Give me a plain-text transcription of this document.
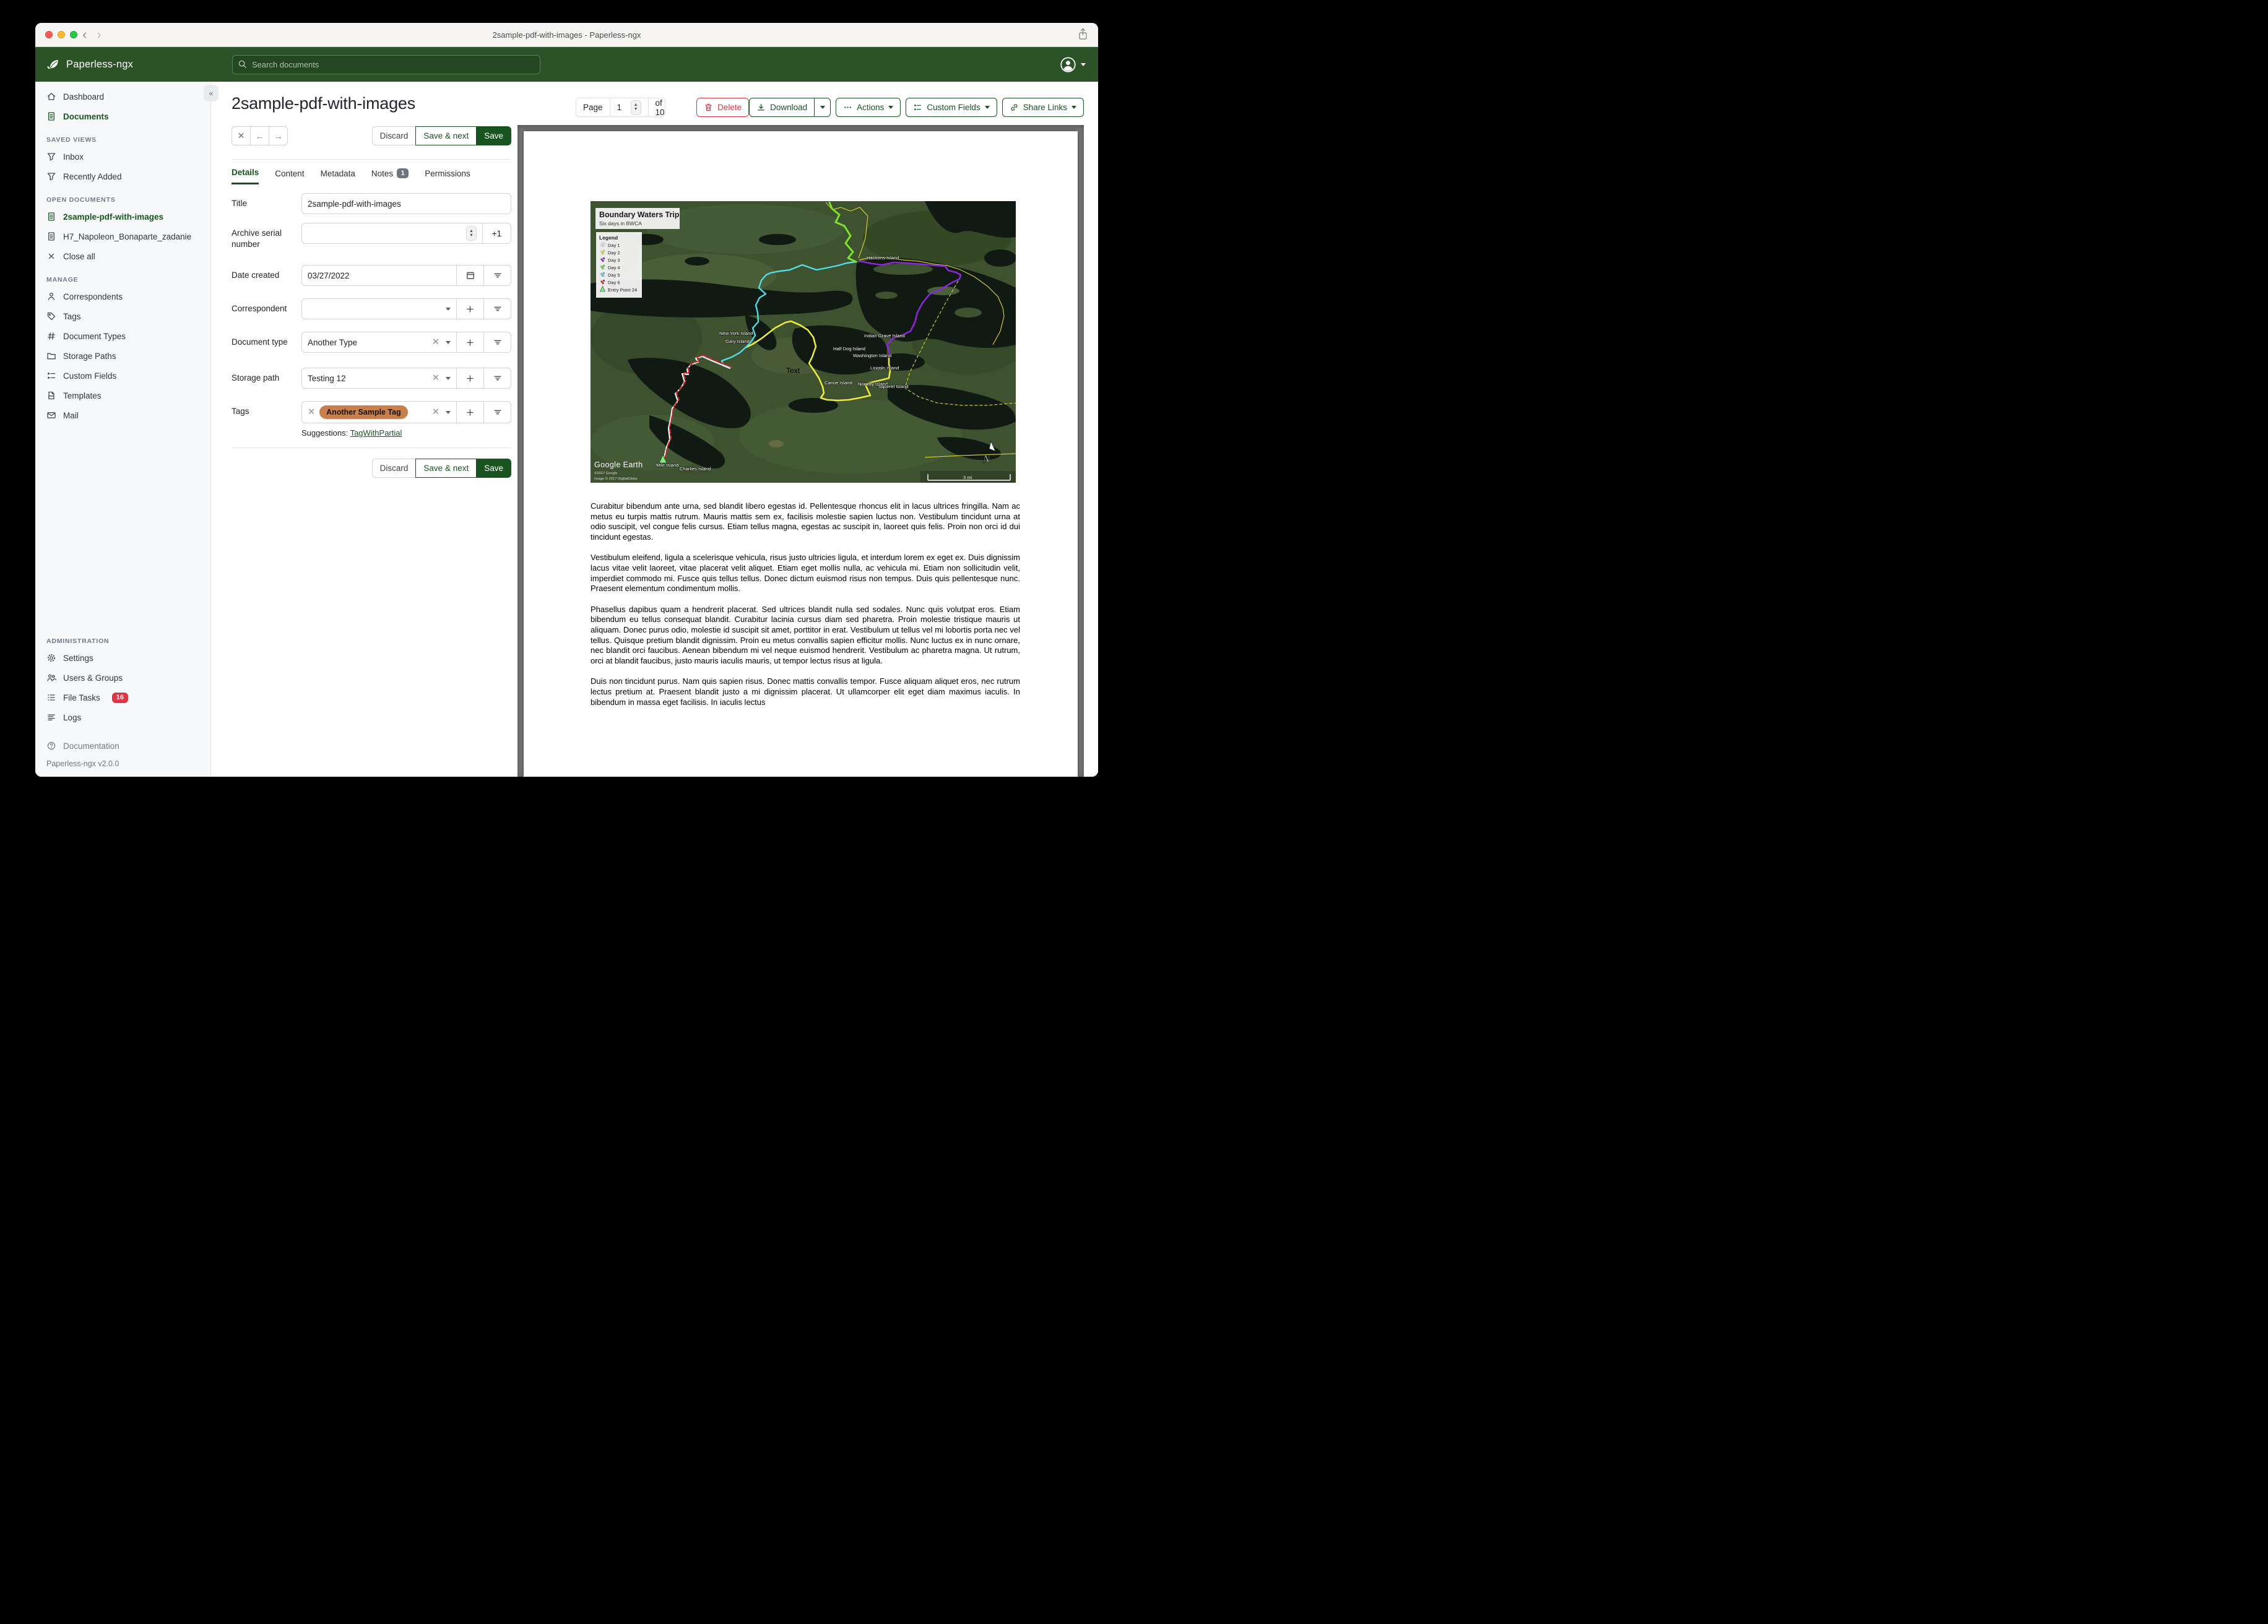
‹ ›	2sample-pdf-with-images - Paperless-ngx
Paperless-ngx
Search documents
Dashboard
Documents
SAVED VIEWS
Inbox
Recently Added
OPEN DOCUMENTS
2sample-pdf-with-images
H7_Napoleon_Bonaparte_zadanie
Close all
MANAGE
Correspondents
Tags
Document Types
Storage Paths
Custom Fields
Templates
Mail
ADMINISTRATION
Settings
Users & Groups
File Tasks	16
Logs
Documentation
Paperless-ngx v2.0.0
«
2sample-pdf-with-images
✕	←	→	Discard	Save & next	Save
Details Content Metadata Notes	1	Permissions
Title
2sample-pdf-with-images
Archive serial number
▲
▼	+1
Date created
03/27/2022
Correspondent
Document type	Another Type	✕
Storage path	Testing 12	✕
Tags	✕	Another Sample Tag	✕
Suggestions: TagWithPartial
Discard	Save & next	Save
Page
1	▲
▼
of 10	Delete	Download	Actions	Custom Fields	Share Links
Boundary Waters Trip
Six days in BWCA
Legend
Day 1
Day 2
Day 3
Day 4
Day 5
Day 6
Entry Point 24
Hausons Island
New York Island
Gary Island
Indian Grave Island
Half Dog Island
Washington Island
Lincoln Island
Canoe Island Norway Island
Squirrel Island
Mile Island
Charlies Island
Text
Google Earth
©2017 Google
Image © 2017 DigitalGlobe	3 mi
N

Curabitur bibendum ante urna, sed blandit libero egestas id. Pellentesque rhoncus elit in lacus ultrices fringilla. Nam ac metus eu turpis mattis rutrum. Mauris mattis sem ex, facilisis molestie sapien luctus non. Vestibulum tincidunt urna at odio suscipit, vel congue felis cursus. Etiam tellus magna, egestas ac suscipit in, laoreet quis felis. Proin non orci id dui tincidunt egestas.

Vestibulum eleifend, ligula a scelerisque vehicula, risus justo ultricies ligula, et interdum lorem ex eget ex. Duis dignissim lacus vitae velit laoreet, vitae placerat velit aliquet. Etiam eget mollis nulla, ac vehicula mi. Etiam non sollicitudin velit, imperdiet commodo mi. Fusce quis tellus tellus. Donec dictum euismod risus non tempus. Duis quis pellentesque nunc. Praesent elementum condimentum mollis.

Phasellus dapibus quam a hendrerit placerat. Sed ultrices blandit nulla sed sodales. Nunc quis volutpat eros. Etiam bibendum eu tellus consequat blandit. Curabitur lacinia cursus diam sed pharetra. Proin molestie tristique mauris ut aliquam. Donec purus odio, molestie id suscipit sit amet, porttitor in erat. Vestibulum ut tellus vel mi lobortis porta nec vel tellus. Quisque pretium blandit dignissim. Proin eu metus convallis sapien efficitur mollis. Nunc luctus ex in nunc ornare, nec blandit orci faucibus. Aenean bibendum mi vel neque euismod hendrerit. Vestibulum ac pharetra magna. Ut rutrum, orci at blandit faucibus, justo mauris iaculis mauris, ut tempor lectus risus at ligula.

Duis non tincidunt purus. Nam quis sapien risus. Donec mattis convallis tempor. Fusce aliquam aliquet eros, nec rutrum lectus pretium at. Praesent blandit justo a mi dignissim placerat. Ut ullamcorper elit eget diam maximus iaculis. In bibendum in massa eget facilisis. In iaculis lectus
